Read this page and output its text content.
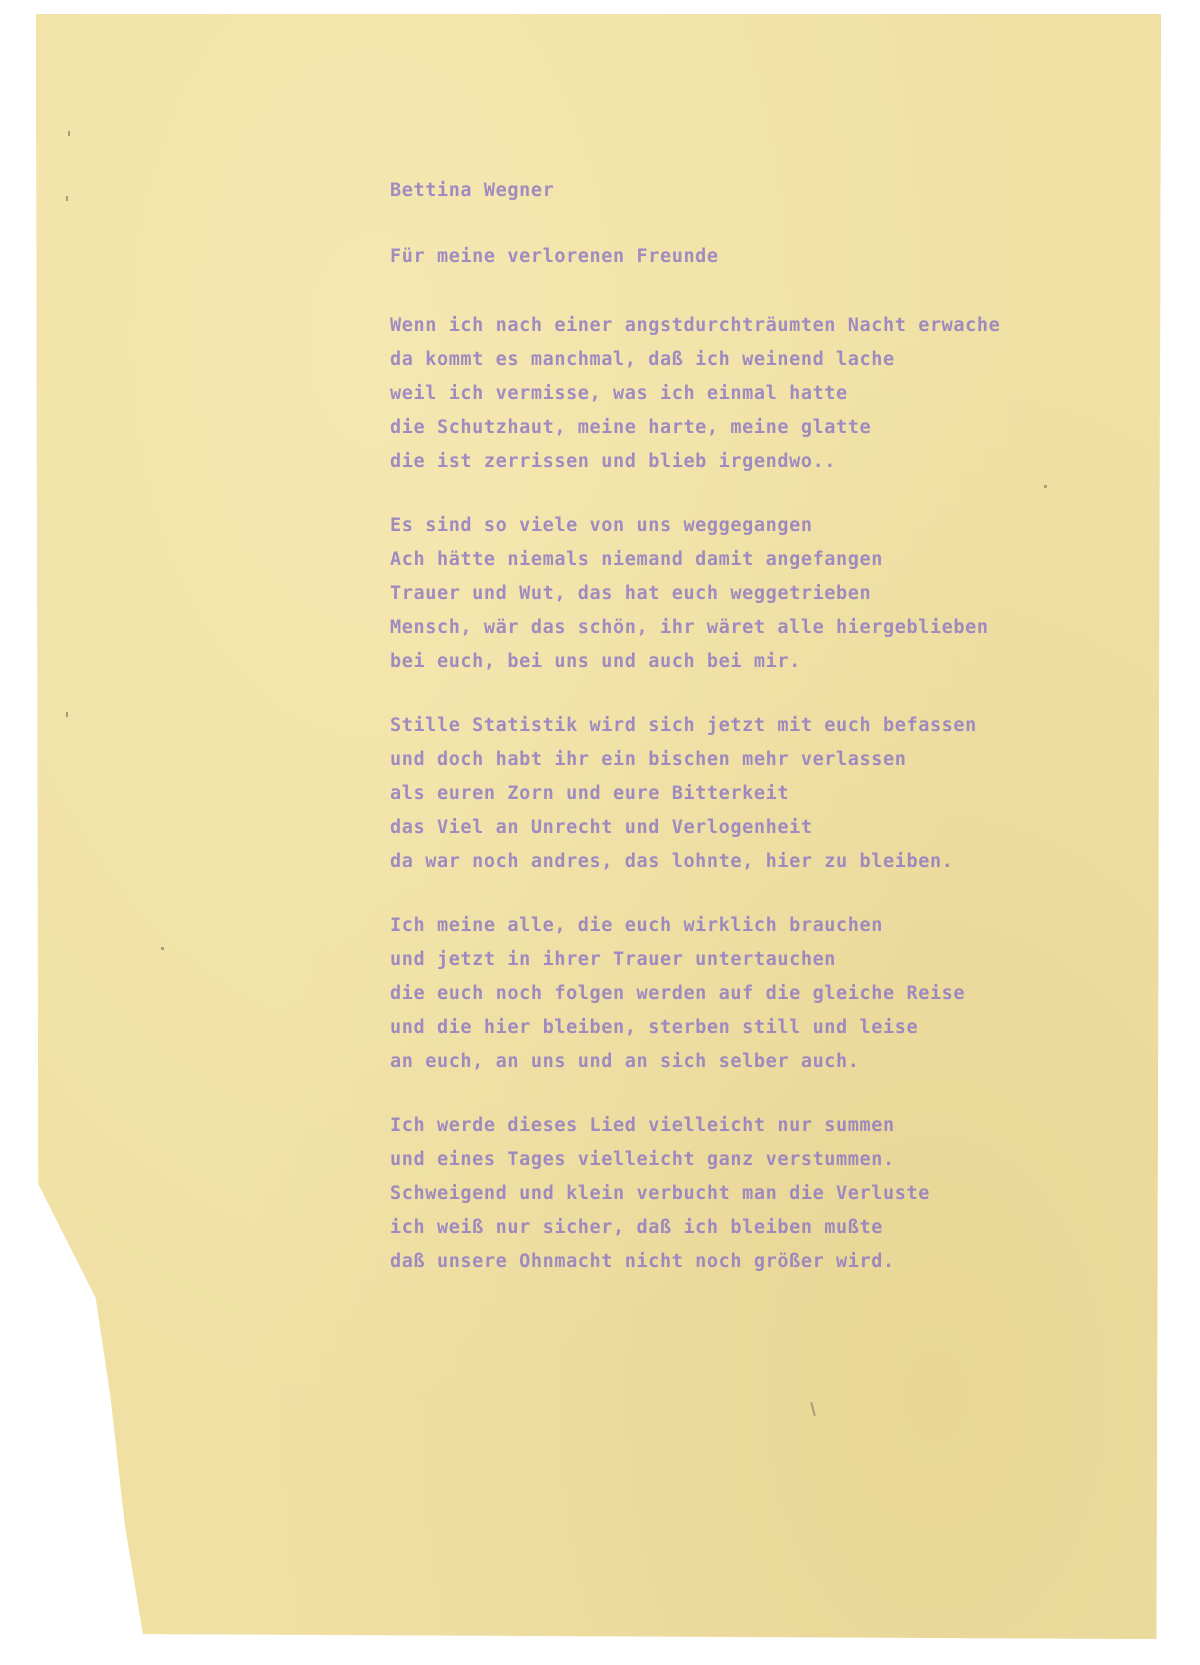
Bettina Wegner
Für meine verlorenen Freunde
Wenn ich nach einer angstdurchträumten Nacht erwache
da kommt es manchmal, daß ich weinend lache
weil ich vermisse, was ich einmal hatte
die Schutzhaut, meine harte, meine glatte
die ist zerrissen und blieb irgendwo..
Es sind so viele von uns weggegangen
Ach hätte niemals niemand damit angefangen
Trauer und Wut, das hat euch weggetrieben
Mensch, wär das schön, ihr wäret alle hiergeblieben
bei euch, bei uns und auch bei mir.
Stille Statistik wird sich jetzt mit euch befassen
und doch habt ihr ein bischen mehr verlassen
als euren Zorn und eure Bitterkeit
das Viel an Unrecht und Verlogenheit
da war noch andres, das lohnte, hier zu bleiben.
Ich meine alle, die euch wirklich brauchen
und jetzt in ihrer Trauer untertauchen
die euch noch folgen werden auf die gleiche Reise
und die hier bleiben, sterben still und leise
an euch, an uns und an sich selber auch.
Ich werde dieses Lied vielleicht nur summen
und eines Tages vielleicht ganz verstummen.
Schweigend und klein verbucht man die Verluste
ich weiß nur sicher, daß ich bleiben mußte
daß unsere Ohnmacht nicht noch größer wird.
